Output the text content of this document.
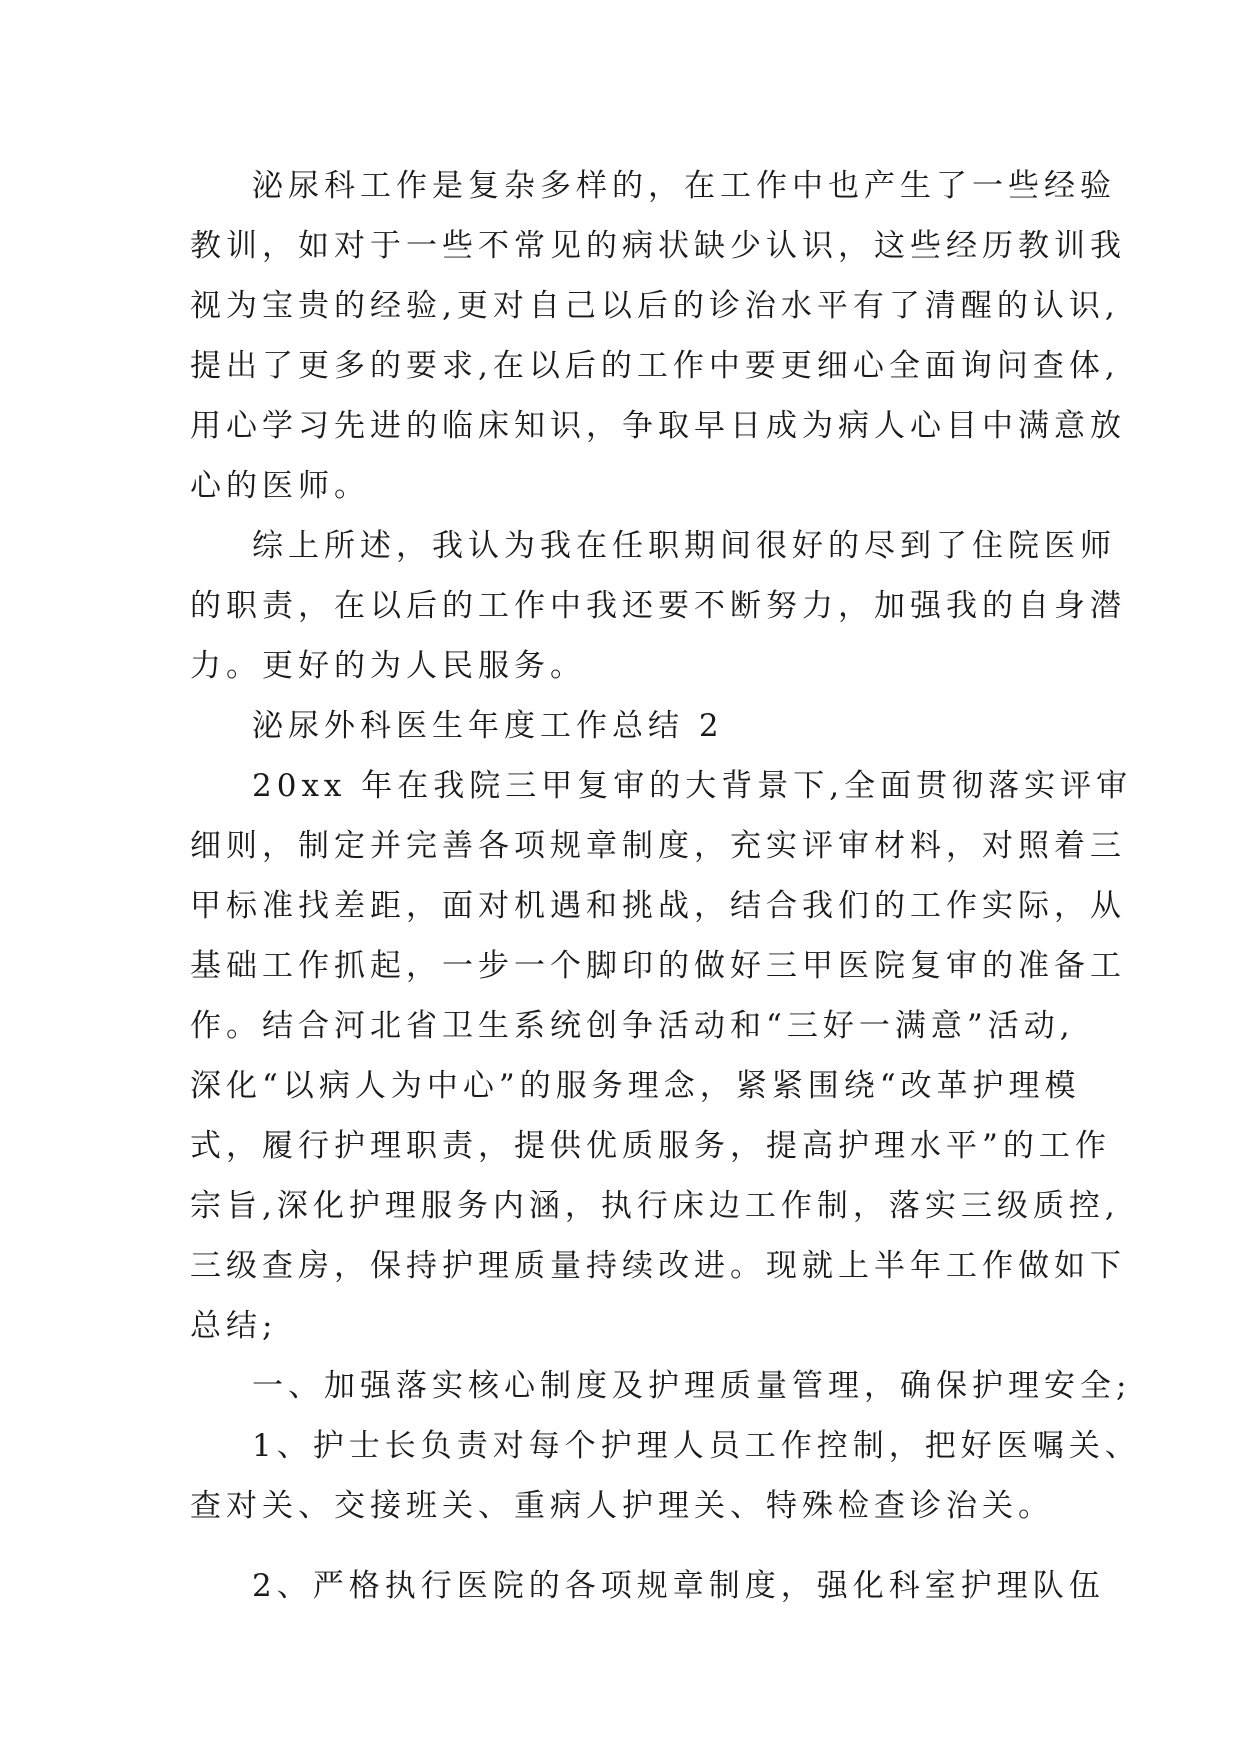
泌尿科工作是复杂多样的，在工作中也产生了一些经验
教训，如对于一些不常见的病状缺少认识，这些经历教训我
视为宝贵的经验,更对自己以后的诊治水平有了清醒的认识,
提出了更多的要求,在以后的工作中要更细心全面询问查体,
用心学习先进的临床知识，争取早日成为病人心目中满意放
心的医师。
综上所述，我认为我在任职期间很好的尽到了住院医师
的职责，在以后的工作中我还要不断努力，加强我的自身潜
力。更好的为人民服务。
泌尿外科医生年度工作总结 2
20xx 年在我院三甲复审的大背景下,全面贯彻落实评审
细则，制定并完善各项规章制度，充实评审材料，对照着三
甲标准找差距，面对机遇和挑战，结合我们的工作实际，从
基础工作抓起，一步一个脚印的做好三甲医院复审的准备工
作。结合河北省卫生系统创争活动和“三好一满意”活动,
深化“以病人为中心”的服务理念，紧紧围绕“改革护理模
式，履行护理职责，提供优质服务，提高护理水平”的工作
宗旨,深化护理服务内涵，执行床边工作制，落实三级质控,
三级查房，保持护理质量持续改进。现就上半年工作做如下
总结;
一、加强落实核心制度及护理质量管理，确保护理安全;
1、护士长负责对每个护理人员工作控制，把好医嘱关、
查对关、交接班关、重病人护理关、特殊检查诊治关。
2、严格执行医院的各项规章制度，强化科室护理队伍
